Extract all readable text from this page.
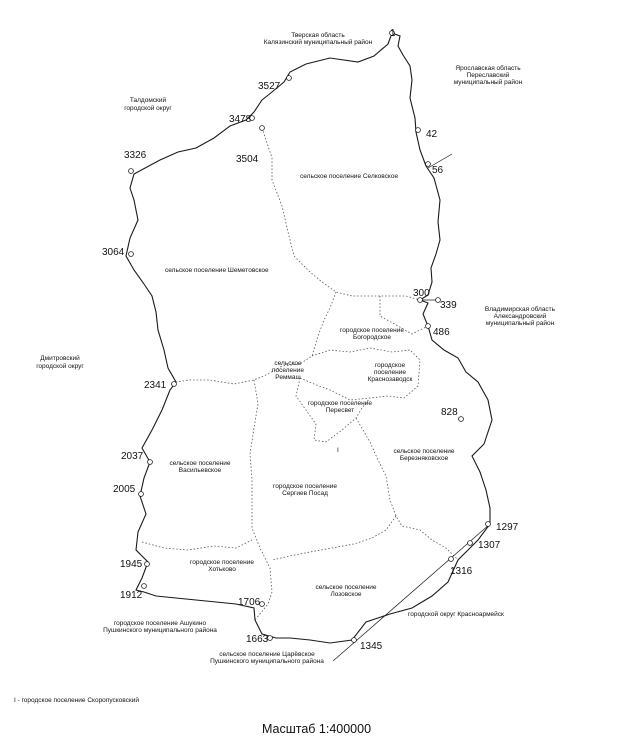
Тверская область Калязинский муниципальный район
Ярославская область Переславский муниципальный район
Талдомский городской округ
Владимирская область Александровский муниципальный район
Дмитровский городской округ
городской округ Красноармейск
городское поселение Ашукино Пушкинского муниципального района
сельское поселение Царёвское Пушкинского муниципального района
сельское поселение Селковское
сельское поселение Шеметовское
городское поселение Богородское
сельское поселение Реммаш
городское поселение Краснозаводск
городское поселение Пересвет
сельское поселение Березняковское
сельское поселение Васильевское
городское поселение Сергиев Посад
городское поселение Хотьково
сельское поселение Лозовское
I
1
3527
42
56
3478
3504
3326
3064
300
339
486
2341
828
2037
2005
1297
1307
1945
1316
1912
1706
1663
1345
I - городское поселение Скоропусковский
Масштаб 1:400000
